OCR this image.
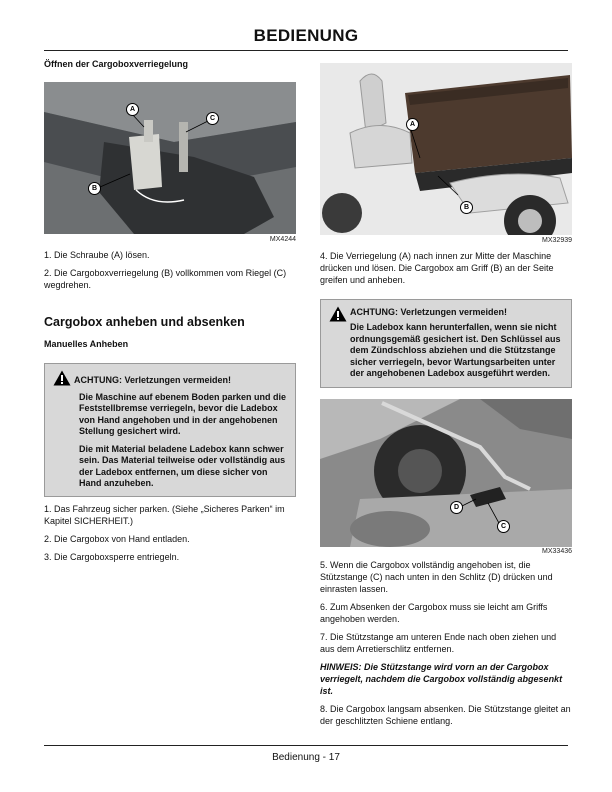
BEDIENUNG

Öffnen der Cargoboxverriegelung

A
C
B
MX4244

1. Die Schraube (A) lösen.

2. Die Cargoboxverriegelung (B) vollkommen vom Riegel (C) wegdrehen.

Cargobox anheben und absenken

Manuelles Anheben

ACHTUNG: Verletzungen vermeiden!

Die Maschine auf ebenem Boden parken und die Feststellbremse verriegeln, bevor die Ladebox von Hand angehoben und in der angehobenen Stellung gesichert wird.

Die mit Material beladene Ladebox kann schwer sein. Das Material teilweise oder vollständig aus der Ladebox entfernen, um diese sicher von Hand anzuheben.

1. Das Fahrzeug sicher parken. (Siehe „Sicheres Parken“ im Kapitel SICHERHEIT.)

2. Die Cargobox von Hand entladen.

3. Die Cargoboxsperre entriegeln.

A
B
MX32939

4. Die Verriegelung (A) nach innen zur Mitte der Maschine drücken und lösen. Die Cargobox am Griff (B) an der Seite greifen und anheben.

ACHTUNG: Verletzungen vermeiden!

Die Ladebox kann herunterfallen, wenn sie nicht ordnungsgemäß gesichert ist. Den Schlüssel aus dem Zündschloss abziehen und die Stützstange sicher verriegeln, bevor Wartungsarbeiten unter der angehobenen Ladebox ausgeführt werden.

D
C
MX33436

5. Wenn die Cargobox vollständig angehoben ist, die Stützstange (C) nach unten in den Schlitz (D) drücken und einrasten lassen.

6. Zum Absenken der Cargobox muss sie leicht am Griffs angehoben werden.

7. Die Stützstange am unteren Ende nach oben ziehen und aus dem Arretierschlitz entfernen.

HINWEIS: Die Stützstange wird vorn an der Cargobox verriegelt, nachdem die Cargobox vollständig abgesenkt ist.

8. Die Cargobox langsam absenken. Die Stützstange gleitet an der geschlitzten Schiene entlang.

Bedienung - 17
